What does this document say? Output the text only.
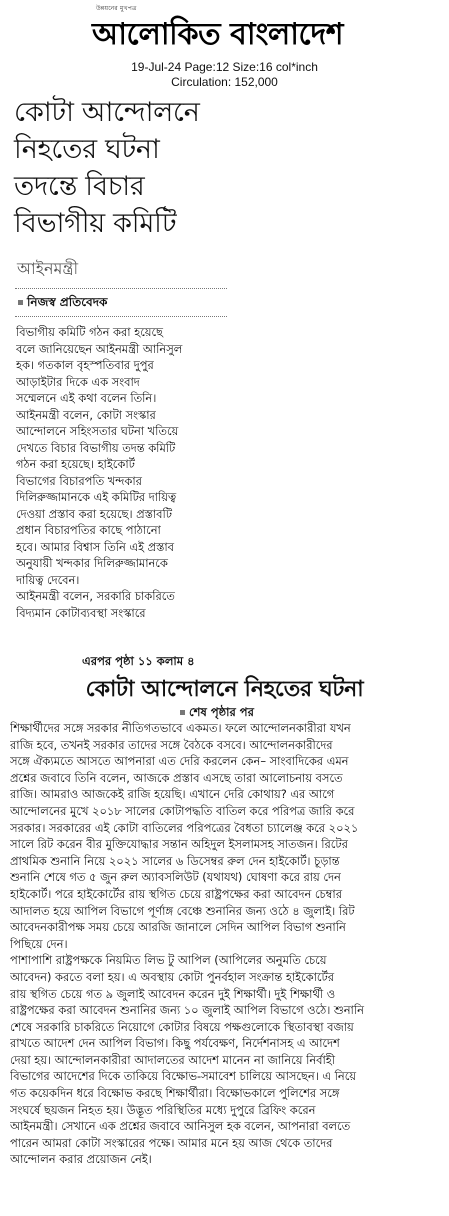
উন্নয়নের মুখপত্র
আলোকিত বাংলাদেশ
19-Jul-24 Page:12 Size:16 col*inch
Circulation: 152,000
কোটা আন্দোলনে
নিহতের ঘটনা
তদন্তে বিচার
বিভাগীয় কমিটি
আইনমন্ত্রী
নিজস্ব প্রতিবেদক
বিভাগীয় কমিটি গঠন করা হয়েছে
বলে জানিয়েছেন আইনমন্ত্রী আনিসুল
হক। গতকাল বৃহস্পতিবার দুপুর
আড়াইটার দিকে এক সংবাদ
সম্মেলনে এই কথা বলেন তিনি।
আইনমন্ত্রী বলেন, কোটা সংস্কার
আন্দোলনে সহিংসতার ঘটনা খতিয়ে
দেখতে বিচার বিভাগীয় তদন্ত কমিটি
গঠন করা হয়েছে। হাইকোর্ট
বিভাগের বিচারপতি খন্দকার
দিলিরুজ্জামানকে এই কমিটির দায়িত্ব
দেওয়া প্রস্তাব করা হয়েছে। প্রস্তাবটি
প্রধান বিচারপতির কাছে পাঠানো
হবে। আমার বিশ্বাস তিনি এই প্রস্তাব
অনুযায়ী খন্দকার দিলিরুজ্জামানকে
দায়িত্ব দেবেন।
আইনমন্ত্রী বলেন, সরকারি চাকরিতে
বিদ্যমান কোটাব্যবস্থা সংস্কারে
এরপর পৃষ্ঠা ১১ কলাম ৪
কোটা আন্দোলনে নিহতের ঘটনা
শেষ পৃষ্ঠার পর
শিক্ষার্থীদের সঙ্গে সরকার নীতিগতভাবে একমত। ফলে আন্দোলনকারীরা যখন
রাজি হবে, তখনই সরকার তাদের সঙ্গে বৈঠকে বসবে। আন্দোলনকারীদের
সঙ্গে ঐক্যমতে আসতে আপনারা এত দেরি করলেন কেন– সাংবাদিকের এমন
প্রশ্নের জবাবে তিনি বলেন, আজকে প্রস্তাব এসছে তারা আলোচনায় বসতে
রাজি। আমরাও আজকেই রাজি হয়েছি। এখানে দেরি কোথায়? এর আগে
আন্দোলনের মুখে ২০১৮ সালের কোটাপদ্ধতি বাতিল করে পরিপত্র জারি করে
সরকার। সরকারের এই কোটা বাতিলের পরিপত্রের বৈধতা চ্যালেঞ্জ করে ২০২১
সালে রিট করেন বীর মুক্তিযোদ্ধার সন্তান অহিদুল ইসলামসহ সাতজন। রিটের
প্রাথমিক শুনানি নিয়ে ২০২১ সালের ৬ ডিসেম্বর রুল দেন হাইকোর্ট। চূড়ান্ত
শুনানি শেষে গত ৫ জুন রুল অ্যাবসলিউট (যথাযথ) ঘোষণা করে রায় দেন
হাইকোর্ট। পরে হাইকোর্টের রায় স্থগিত চেয়ে রাষ্ট্রপক্ষের করা আবেদন চেম্বার
আদালত হয়ে আপিল বিভাগে পূর্ণাঙ্গ বেঞ্চে শুনানির জন্য ওঠে ৪ জুলাই। রিট
আবেদনকারীপক্ষ সময় চেয়ে আরজি জানালে সেদিন আপিল বিভাগ শুনানি
পিছিয়ে দেন।
পাশাপাশি রাষ্ট্রপক্ষকে নিয়মিত লিভ টু আপিল (আপিলের অনুমতি চেয়ে
আবেদন) করতে বলা হয়। এ অবস্থায় কোটা পুনর্বহাল সংক্রান্ত হাইকোর্টের
রায় স্থগিত চেয়ে গত ৯ জুলাই আবেদন করেন দুই শিক্ষার্থী। দুই শিক্ষার্থী ও
রাষ্ট্রপক্ষের করা আবেদন শুনানির জন্য ১০ জুলাই আপিল বিভাগে ওঠে। শুনানি
শেষে সরকারি চাকরিতে নিয়োগে কোটার বিষয়ে পক্ষগুলোকে স্থিতাবস্থা বজায়
রাখতে আদেশ দেন আপিল বিভাগ। কিছু পর্যবেক্ষণ, নির্দেশনাসহ এ আদেশ
দেয়া হয়। আন্দোলনকারীরা আদালতের আদেশ মানেন না জানিয়ে নির্বাহী
বিভাগের আদেশের দিকে তাকিয়ে বিক্ষোভ-সমাবেশ চালিয়ে আসছেন। এ নিয়ে
গত কয়েকদিন ধরে বিক্ষোভ করছে শিক্ষার্থীরা। বিক্ষোভকালে পুলিশের সঙ্গে
সংঘর্ষে ছয়জন নিহত হয়। উদ্ভূত পরিস্থিতির মধ্যে দুপুরে ব্রিফিং করেন
আইনমন্ত্রী। সেখানে এক প্রশ্নের জবাবে আনিসুল হক বলেন, আপনারা বলতে
পারেন আমরা কোটা সংস্কারের পক্ষে। আমার মনে হয় আজ থেকে তাদের
আন্দোলন করার প্রয়োজন নেই।
